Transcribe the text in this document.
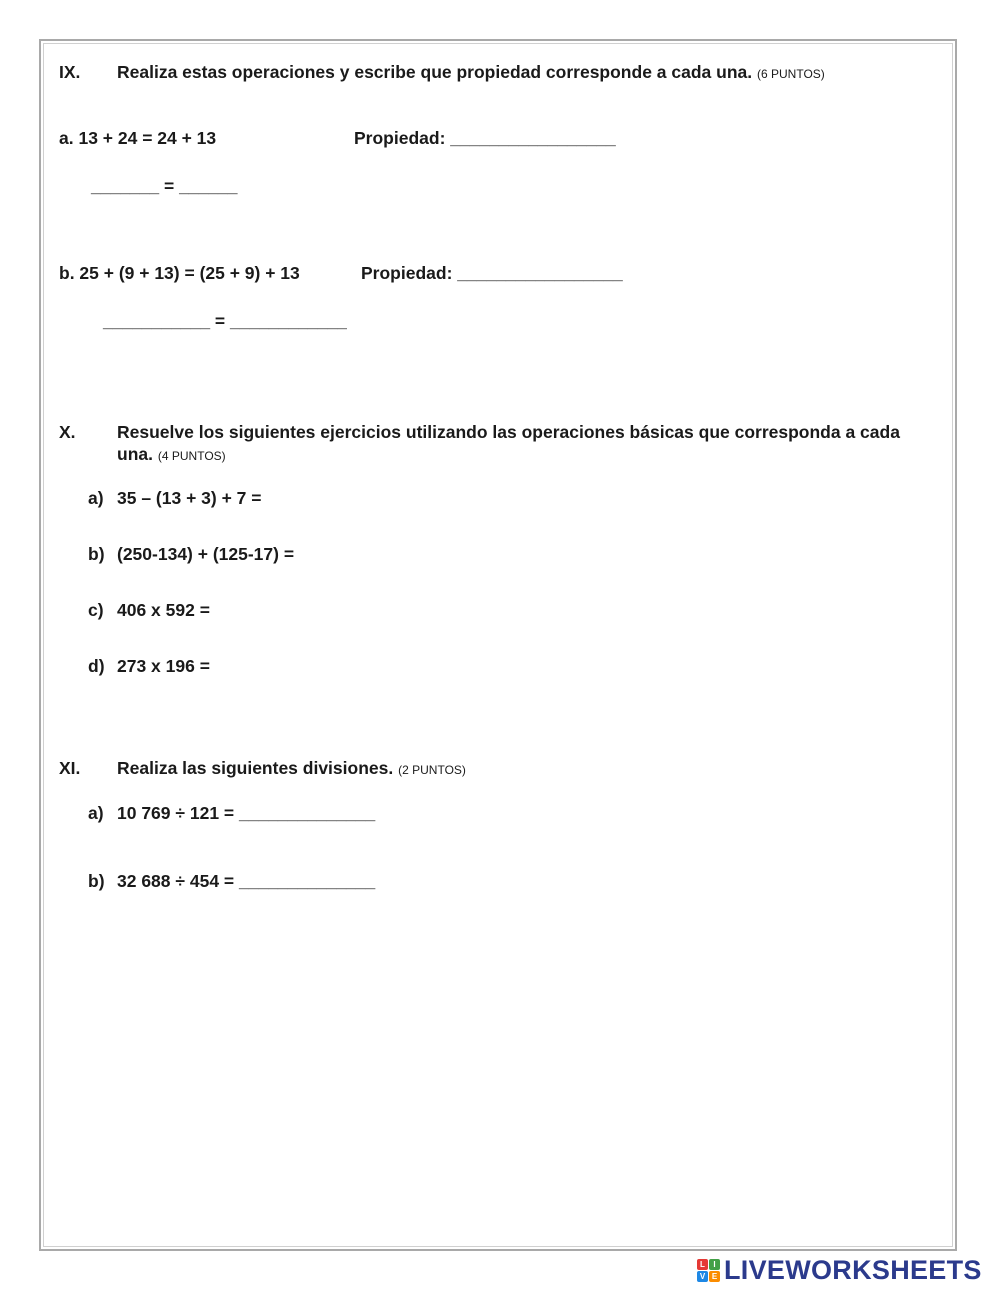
IX. Realiza estas operaciones y escribe que propiedad corresponde a cada una. (6 PUNTOS)
a. 13 + 24 = 24 + 13	Propiedad: _________________
_______ = ______
b. 25 + (9 + 13) = (25 + 9) + 13	Propiedad: _________________
___________ = ____________
X. Resuelve los siguientes ejercicios utilizando las operaciones básicas que corresponda a cada una. (4 PUNTOS)
a) 35 – (13 + 3) + 7 =
b) (250-134) + (125-17) =
c) 406 x 592 =
d) 273 x 196 =
XI. Realiza las siguientes divisiones. (2 PUNTOS)
a) 10 769 ÷ 121 = ______________
b) 32 688 ÷ 454 = ______________
L	I
V E LIVEWORKSHEETS
